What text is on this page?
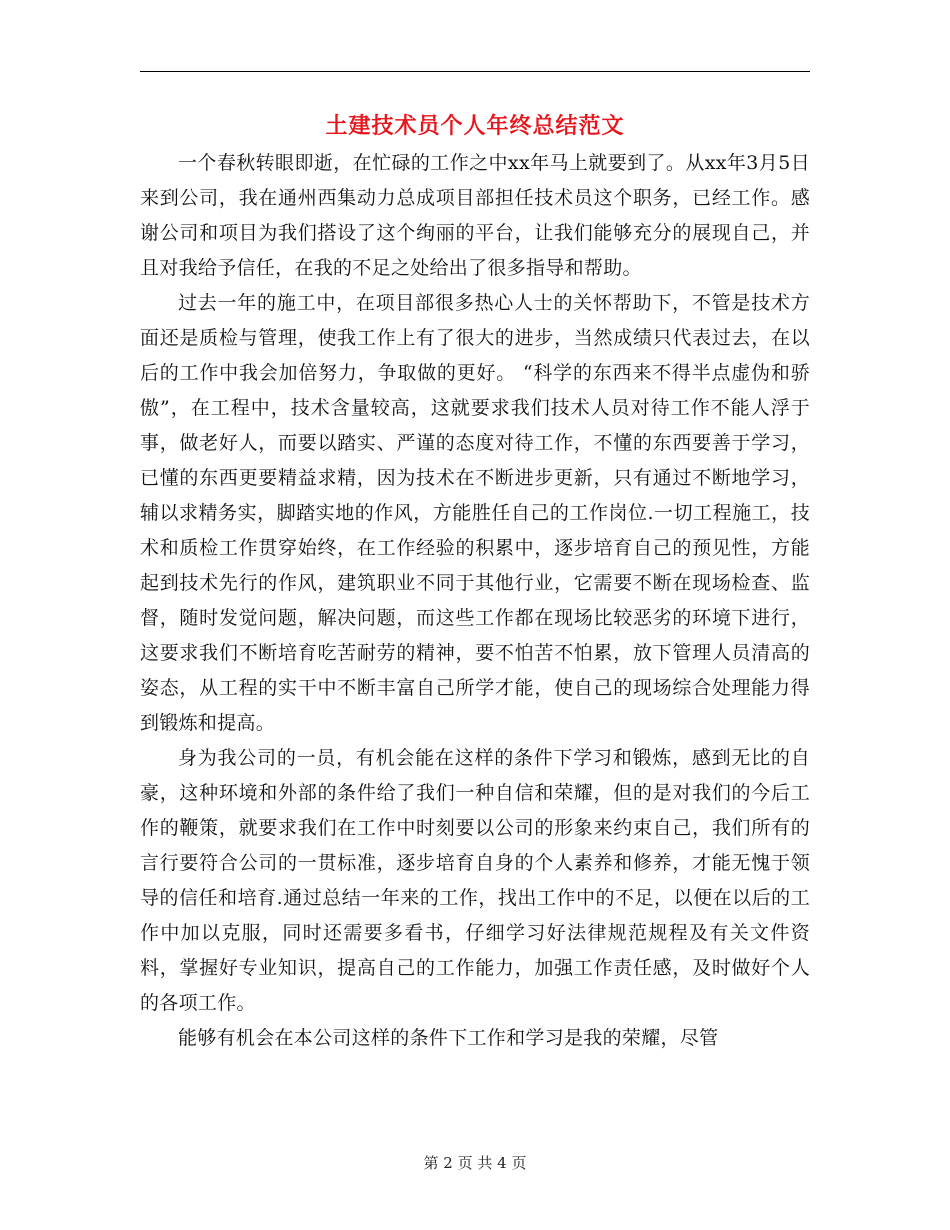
土建技术员个人年终总结范文

一个春秋转眼即逝，在忙碌的工作之中xx年马上就要到了。从xx年3月5日来到公司，我在通州西集动力总成项目部担任技术员这个职务，已经工作。感谢公司和项目为我们搭设了这个绚丽的平台，让我们能够充分的展现自己，并且对我给予信任，在我的不足之处给出了很多指导和帮助。

过去一年的施工中，在项目部很多热心人士的关怀帮助下，不管是技术方面还是质检与管理，使我工作上有了很大的进步，当然成绩只代表过去，在以后的工作中我会加倍努力，争取做的更好。 “科学的东西来不得半点虚伪和骄傲”，在工程中，技术含量较高，这就要求我们技术人员对待工作不能人浮于事，做老好人，而要以踏实、严谨的态度对待工作，不懂的东西要善于学习，已懂的东西更要精益求精，因为技术在不断进步更新，只有通过不断地学习，辅以求精务实，脚踏实地的作风，方能胜任自己的工作岗位.一切工程施工，技术和质检工作贯穿始终，在工作经验的积累中，逐步培育自己的预见性，方能起到技术先行的作风，建筑职业不同于其他行业，它需要不断在现场检查、监督，随时发觉问题，解决问题，而这些工作都在现场比较恶劣的环境下进行，这要求我们不断培育吃苦耐劳的精神，要不怕苦不怕累，放下管理人员清高的姿态，从工程的实干中不断丰富自己所学才能，使自己的现场综合处理能力得到锻炼和提高。

身为我公司的一员，有机会能在这样的条件下学习和锻炼，感到无比的自豪，这种环境和外部的条件给了我们一种自信和荣耀，但的是对我们的今后工作的鞭策，就要求我们在工作中时刻要以公司的形象来约束自己，我们所有的言行要符合公司的一贯标准，逐步培育自身的个人素养和修养，才能无愧于领导的信任和培育.通过总结一年来的工作，找出工作中的不足，以便在以后的工作中加以克服，同时还需要多看书，仔细学习好法律规范规程及有关文件资料，掌握好专业知识，提高自己的工作能力，加强工作责任感，及时做好个人的各项工作。

能够有机会在本公司这样的条件下工作和学习是我的荣耀，尽管

第 2 页 共 4 页
